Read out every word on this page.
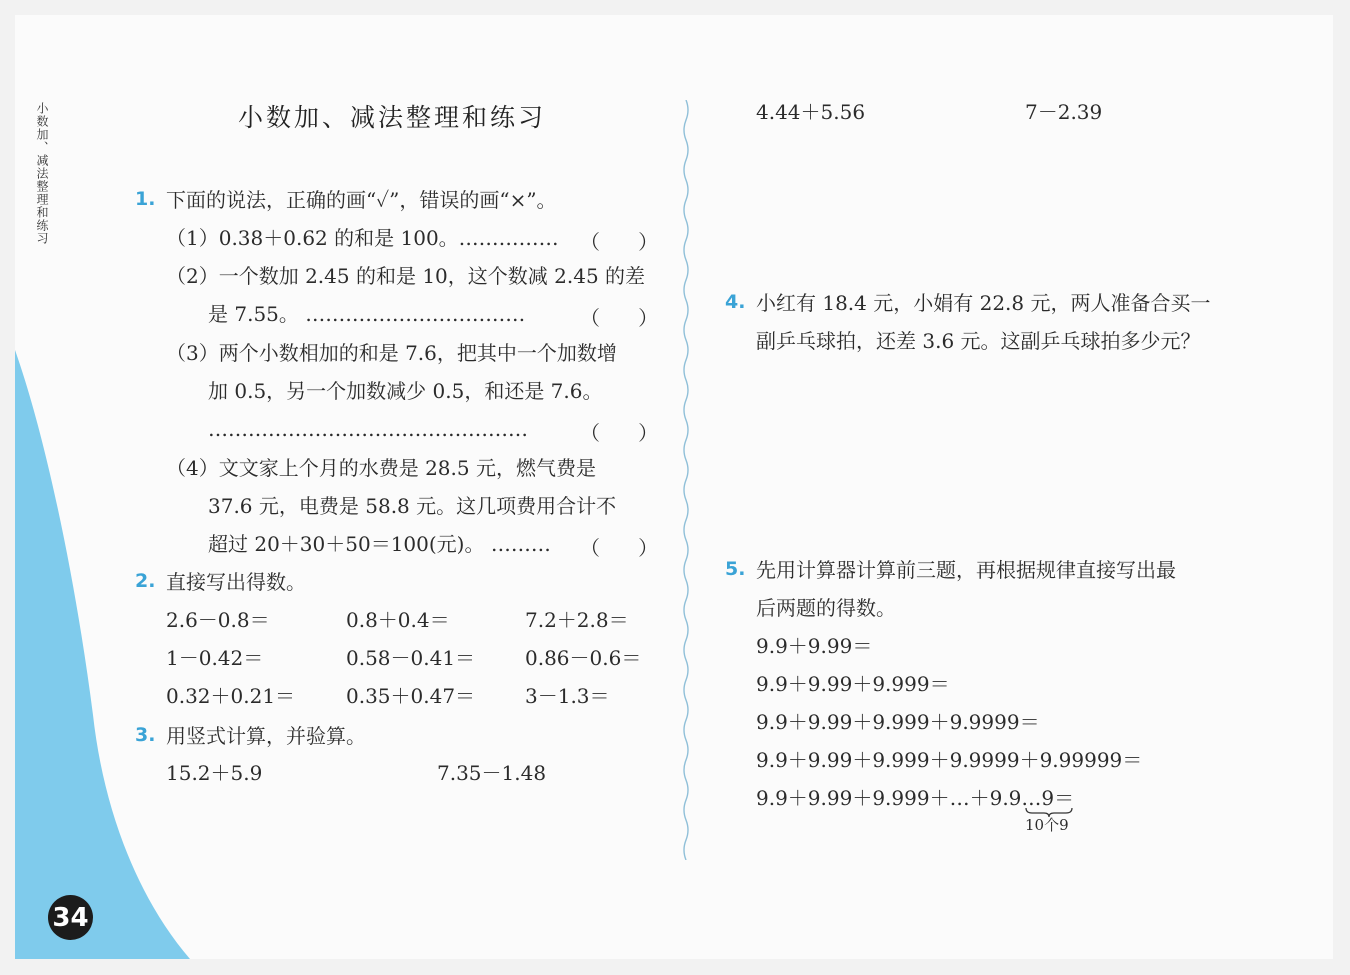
小数加、减法整理和练习	小数加、减法整理和练习
1. 下面的说法，正确的画“✓”，错误的画“×”。
（1）0.38＋0.62 的和是 100。…………… （      ）
（2）一个数加 2.45 的和是 10，这个数减 2.45 的差
是 7.55。 ……………………………	（      ）
（3）两个小数相加的和是 7.6，把其中一个加数增
加 0.5，另一个加数减少 0.5，和还是 7.6。
…………………………………………	（      ）
（4）文文家上个月的水费是 28.5 元，燃气费是
37.6 元，电费是 58.8 元。这几项费用合计不
超过 20＋30＋50＝100(元)。 ……… （      ）
2. 直接写出得数。
2.6－0.8＝	0.8＋0.4＝	7.2＋2.8＝
1－0.42＝	0.58－0.41＝ 0.86－0.6＝
0.32＋0.21＝	0.35＋0.47＝ 3－1.3＝
3. 用竖式计算，并验算。
15.2＋5.9	7.35－1.48
4.44＋5.56	7－2.39
4. 小红有 18.4 元，小娟有 22.8 元，两人准备合买一
副乒乓球拍，还差 3.6 元。这副乒乓球拍多少元？
5. 先用计算器计算前三题，再根据规律直接写出最
后两题的得数。
9.9＋9.99＝
9.9＋9.99＋9.999＝
9.9＋9.99＋9.999＋9.9999＝
9.9＋9.99＋9.999＋9.9999＋9.99999＝
9.9＋9.99＋9.999＋…＋9.9…9＝
10个9
34
